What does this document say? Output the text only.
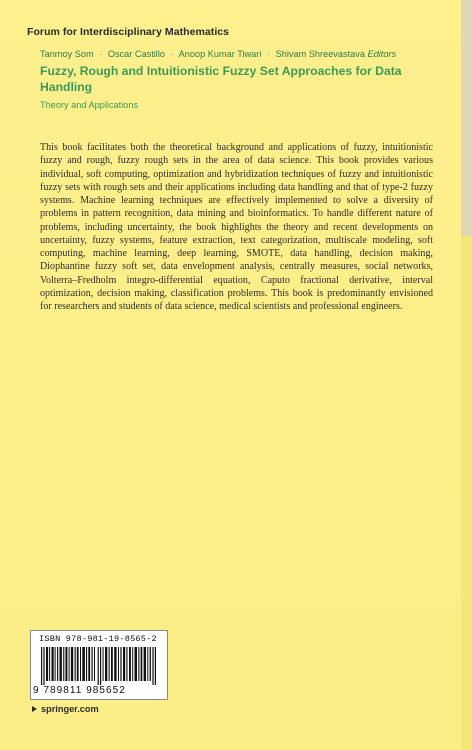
Forum for Interdisciplinary Mathematics
Tanmoy Som · Oscar Castillo · Anoop Kumar Tiwari · Shivam Shreevastava Editors
Fuzzy, Rough and Intuitionistic Fuzzy Set Approaches for Data Handling
Theory and Applications
This book facilitates both the theoretical background and applications of fuzzy, intuitionistic fuzzy and rough, fuzzy rough sets in the area of data science. This book provides various individual, soft computing, optimization and hybridization techniques of fuzzy and intuitionistic fuzzy sets with rough sets and their applications including data handling and that of type-2 fuzzy systems. Machine learning techniques are effectively implemented to solve a diversity of problems in pattern recognition, data mining and bioinformatics. To handle different nature of problems, including uncertainty, the book highlights the theory and recent developments on uncertainty, fuzzy systems, feature extraction, text categorization, multiscale modeling, soft computing, machine learning, deep learning, SMOTE, data handling, decision making, Diophantine fuzzy soft set, data envelopment analysis, centrally measures, social networks, Volterra–Fredholm integro-differential equation, Caputo fractional derivative, interval optimization, decision making, classification problems. This book is predominantly envisioned for researchers and students of data science, medical scientists and professional engineers.
ISBN 978-981-19-8565-2
9 789811 985652
springer.com
